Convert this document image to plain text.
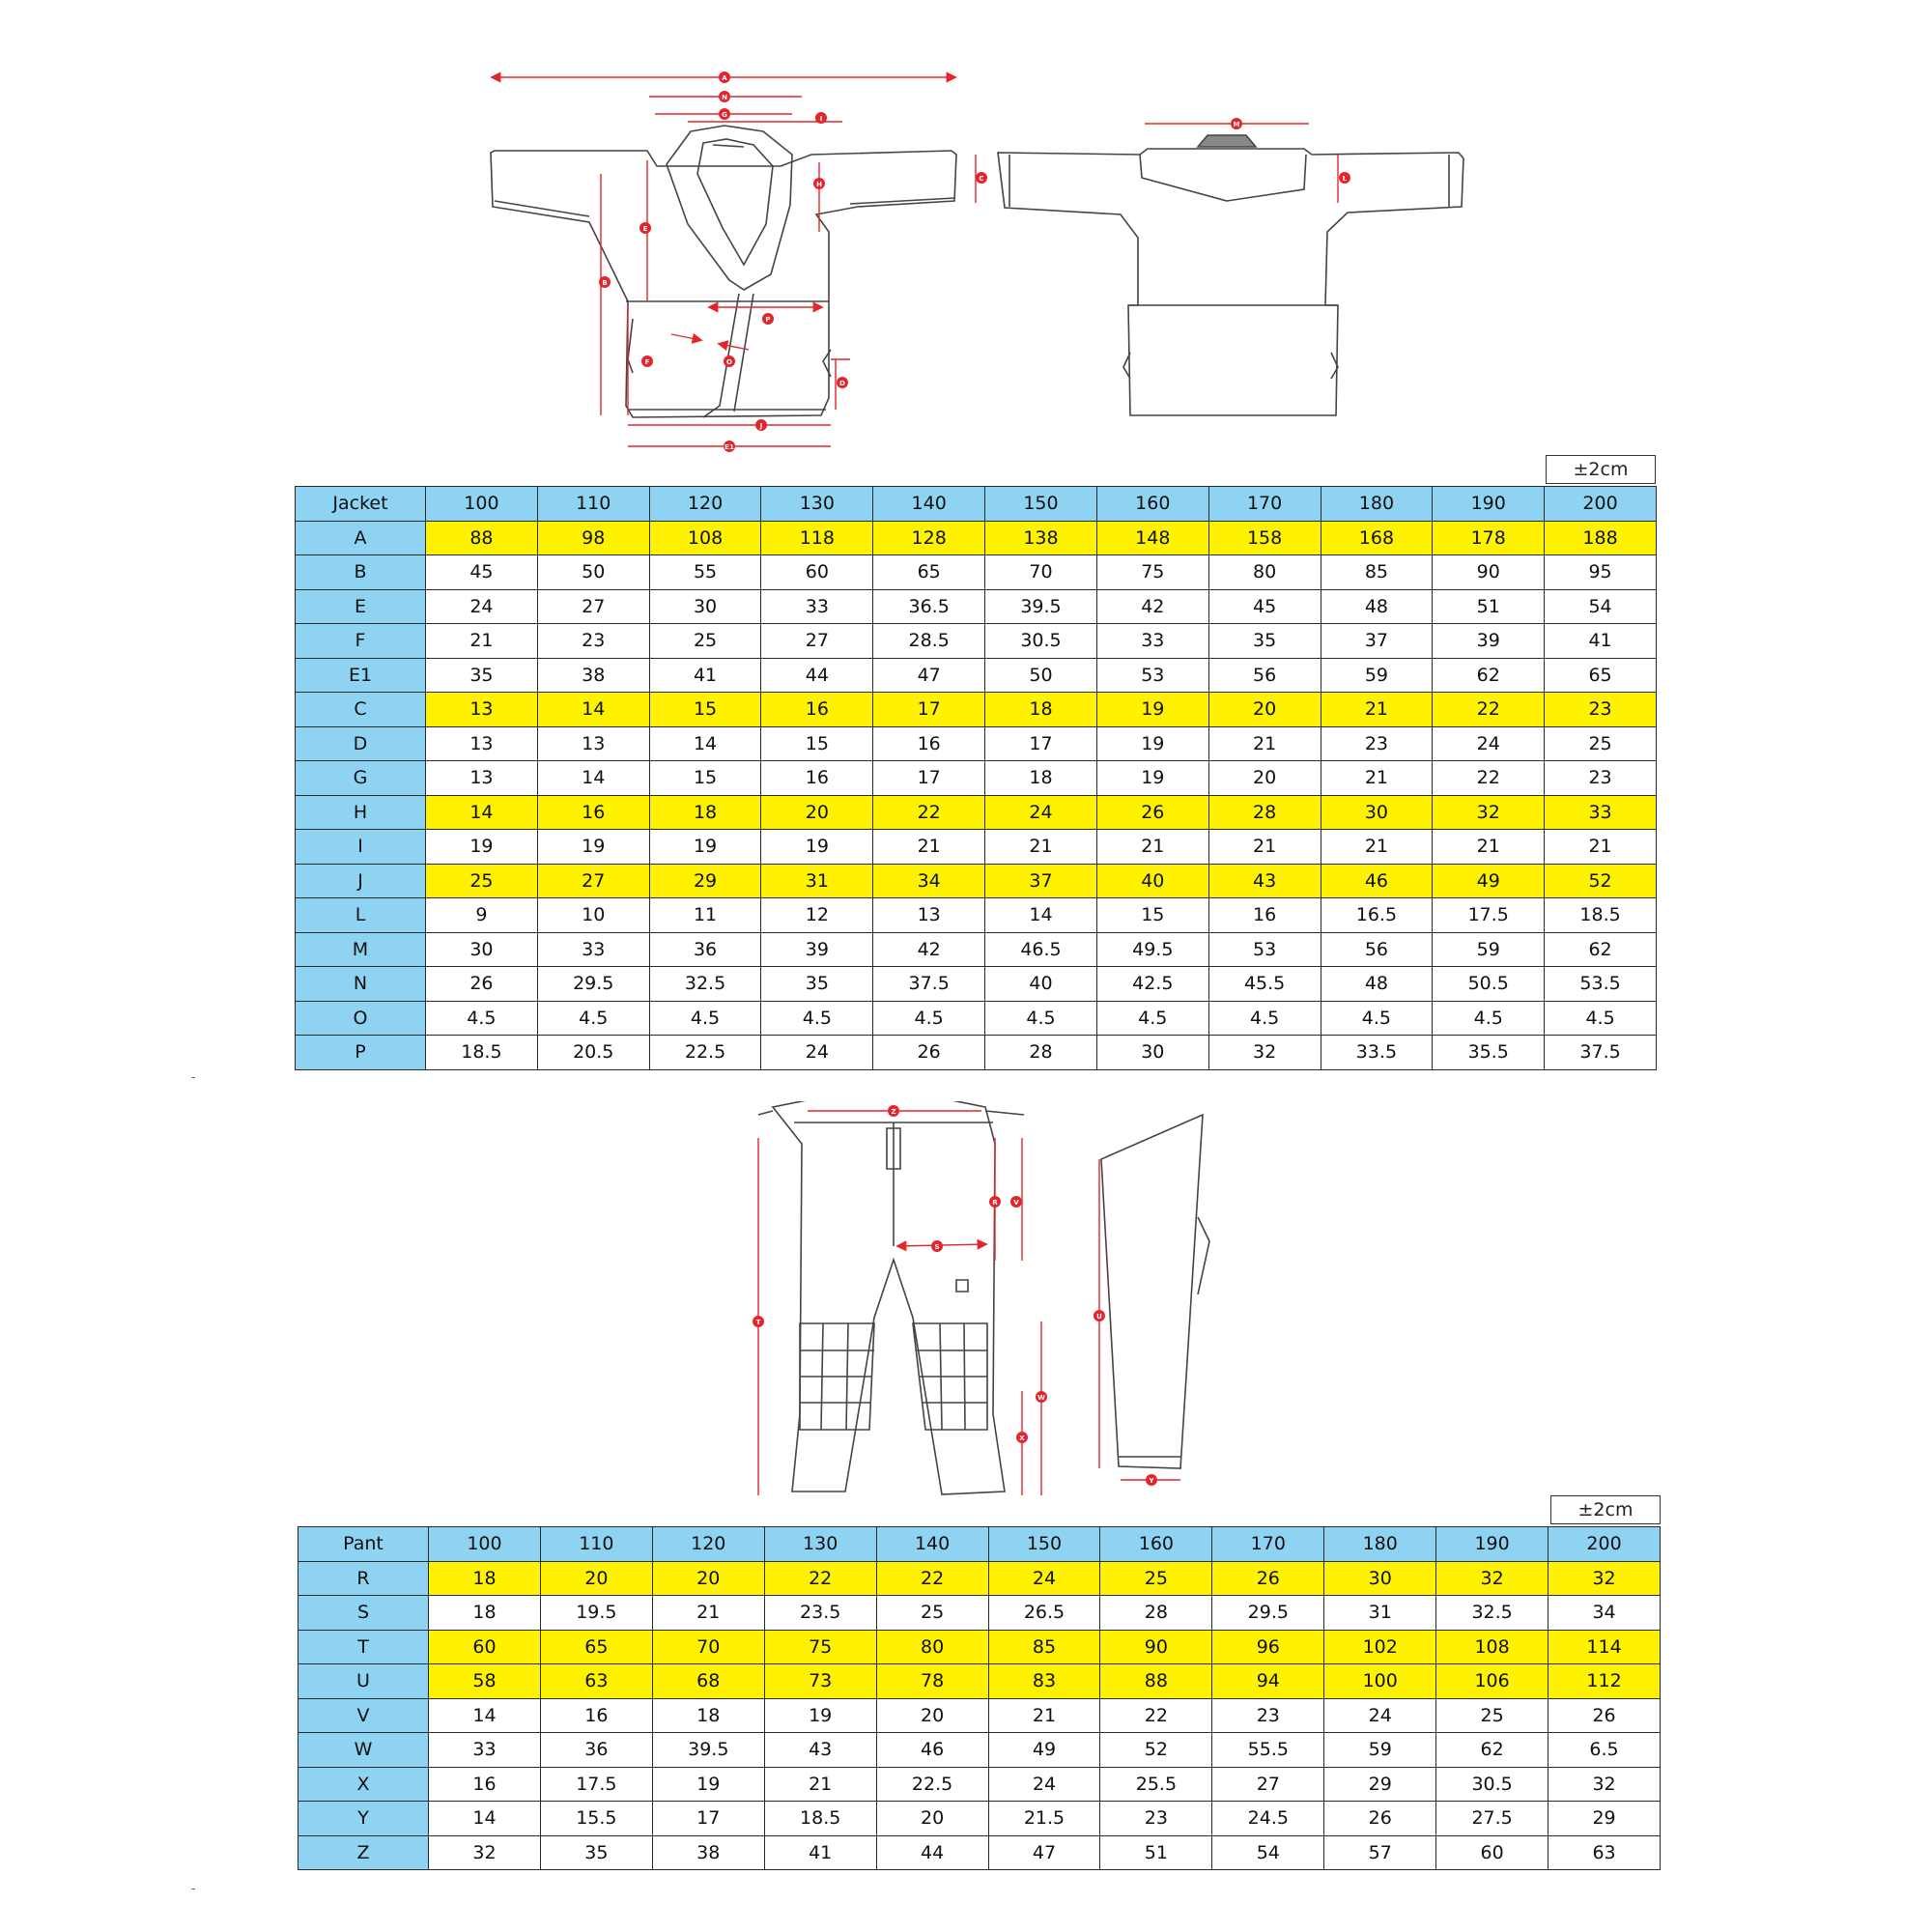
A
N
G	I
C
H
E
B
M
L
P
O
F
D
J
E1
±2cm
Jacket	100	110	120	130	140	150	160	170	180	190	200
A	88	98	108	118	128	138	148	158	168	178	188
B	45	50	55	60	65	70	75	80	85	90	95
E	24	27	30	33	36.5	39.5	42	45	48	51	54
F	21	23	25	27	28.5	30.5	33	35	37	39	41
E1	35	38	41	44	47	50	53	56	59	62	65
C	13	14	15	16	17	18	19	20	21	22	23
D	13	13	14	15	16	17	19	21	23	24	25
G	13	14	15	16	17	18	19	20	21	22	23
H	14	16	18	20	22	24	26	28	30	32	33
I	19	19	19	19	21	21	21	21	21	21	21
J	25	27	29	31	34	37	40	43	46	49	52
L	9	10	11	12	13	14	15	16	16.5	17.5	18.5
M	30	33	36	39	42	46.5	49.5	53	56	59	62
N	26	29.5	32.5	35	37.5	40	42.5	45.5	48	50.5	53.5
O	4.5	4.5	4.5	4.5	4.5	4.5	4.5	4.5	4.5	4.5	4.5
P	18.5	20.5	22.5	24	26	28	30	32	33.5	35.5	37.5
-
Z
R V
S
T
U
W
X
Y
±2cm
Pant	100	110	120	130	140	150	160	170	180	190	200
R	18	20	20	22	22	24	25	26	30	32	32
S	18	19.5	21	23.5	25	26.5	28	29.5	31	32.5	34
T	60	65	70	75	80	85	90	96	102	108	114
U	58	63	68	73	78	83	88	94	100	106	112
V	14	16	18	19	20	21	22	23	24	25	26
W	33	36	39.5	43	46	49	52	55.5	59	62	6.5
X	16	17.5	19	21	22.5	24	25.5	27	29	30.5	32
Y	14	15.5	17	18.5	20	21.5	23	24.5	26	27.5	29
Z	32	35	38	41	44	47	51	54	57	60	63
-
